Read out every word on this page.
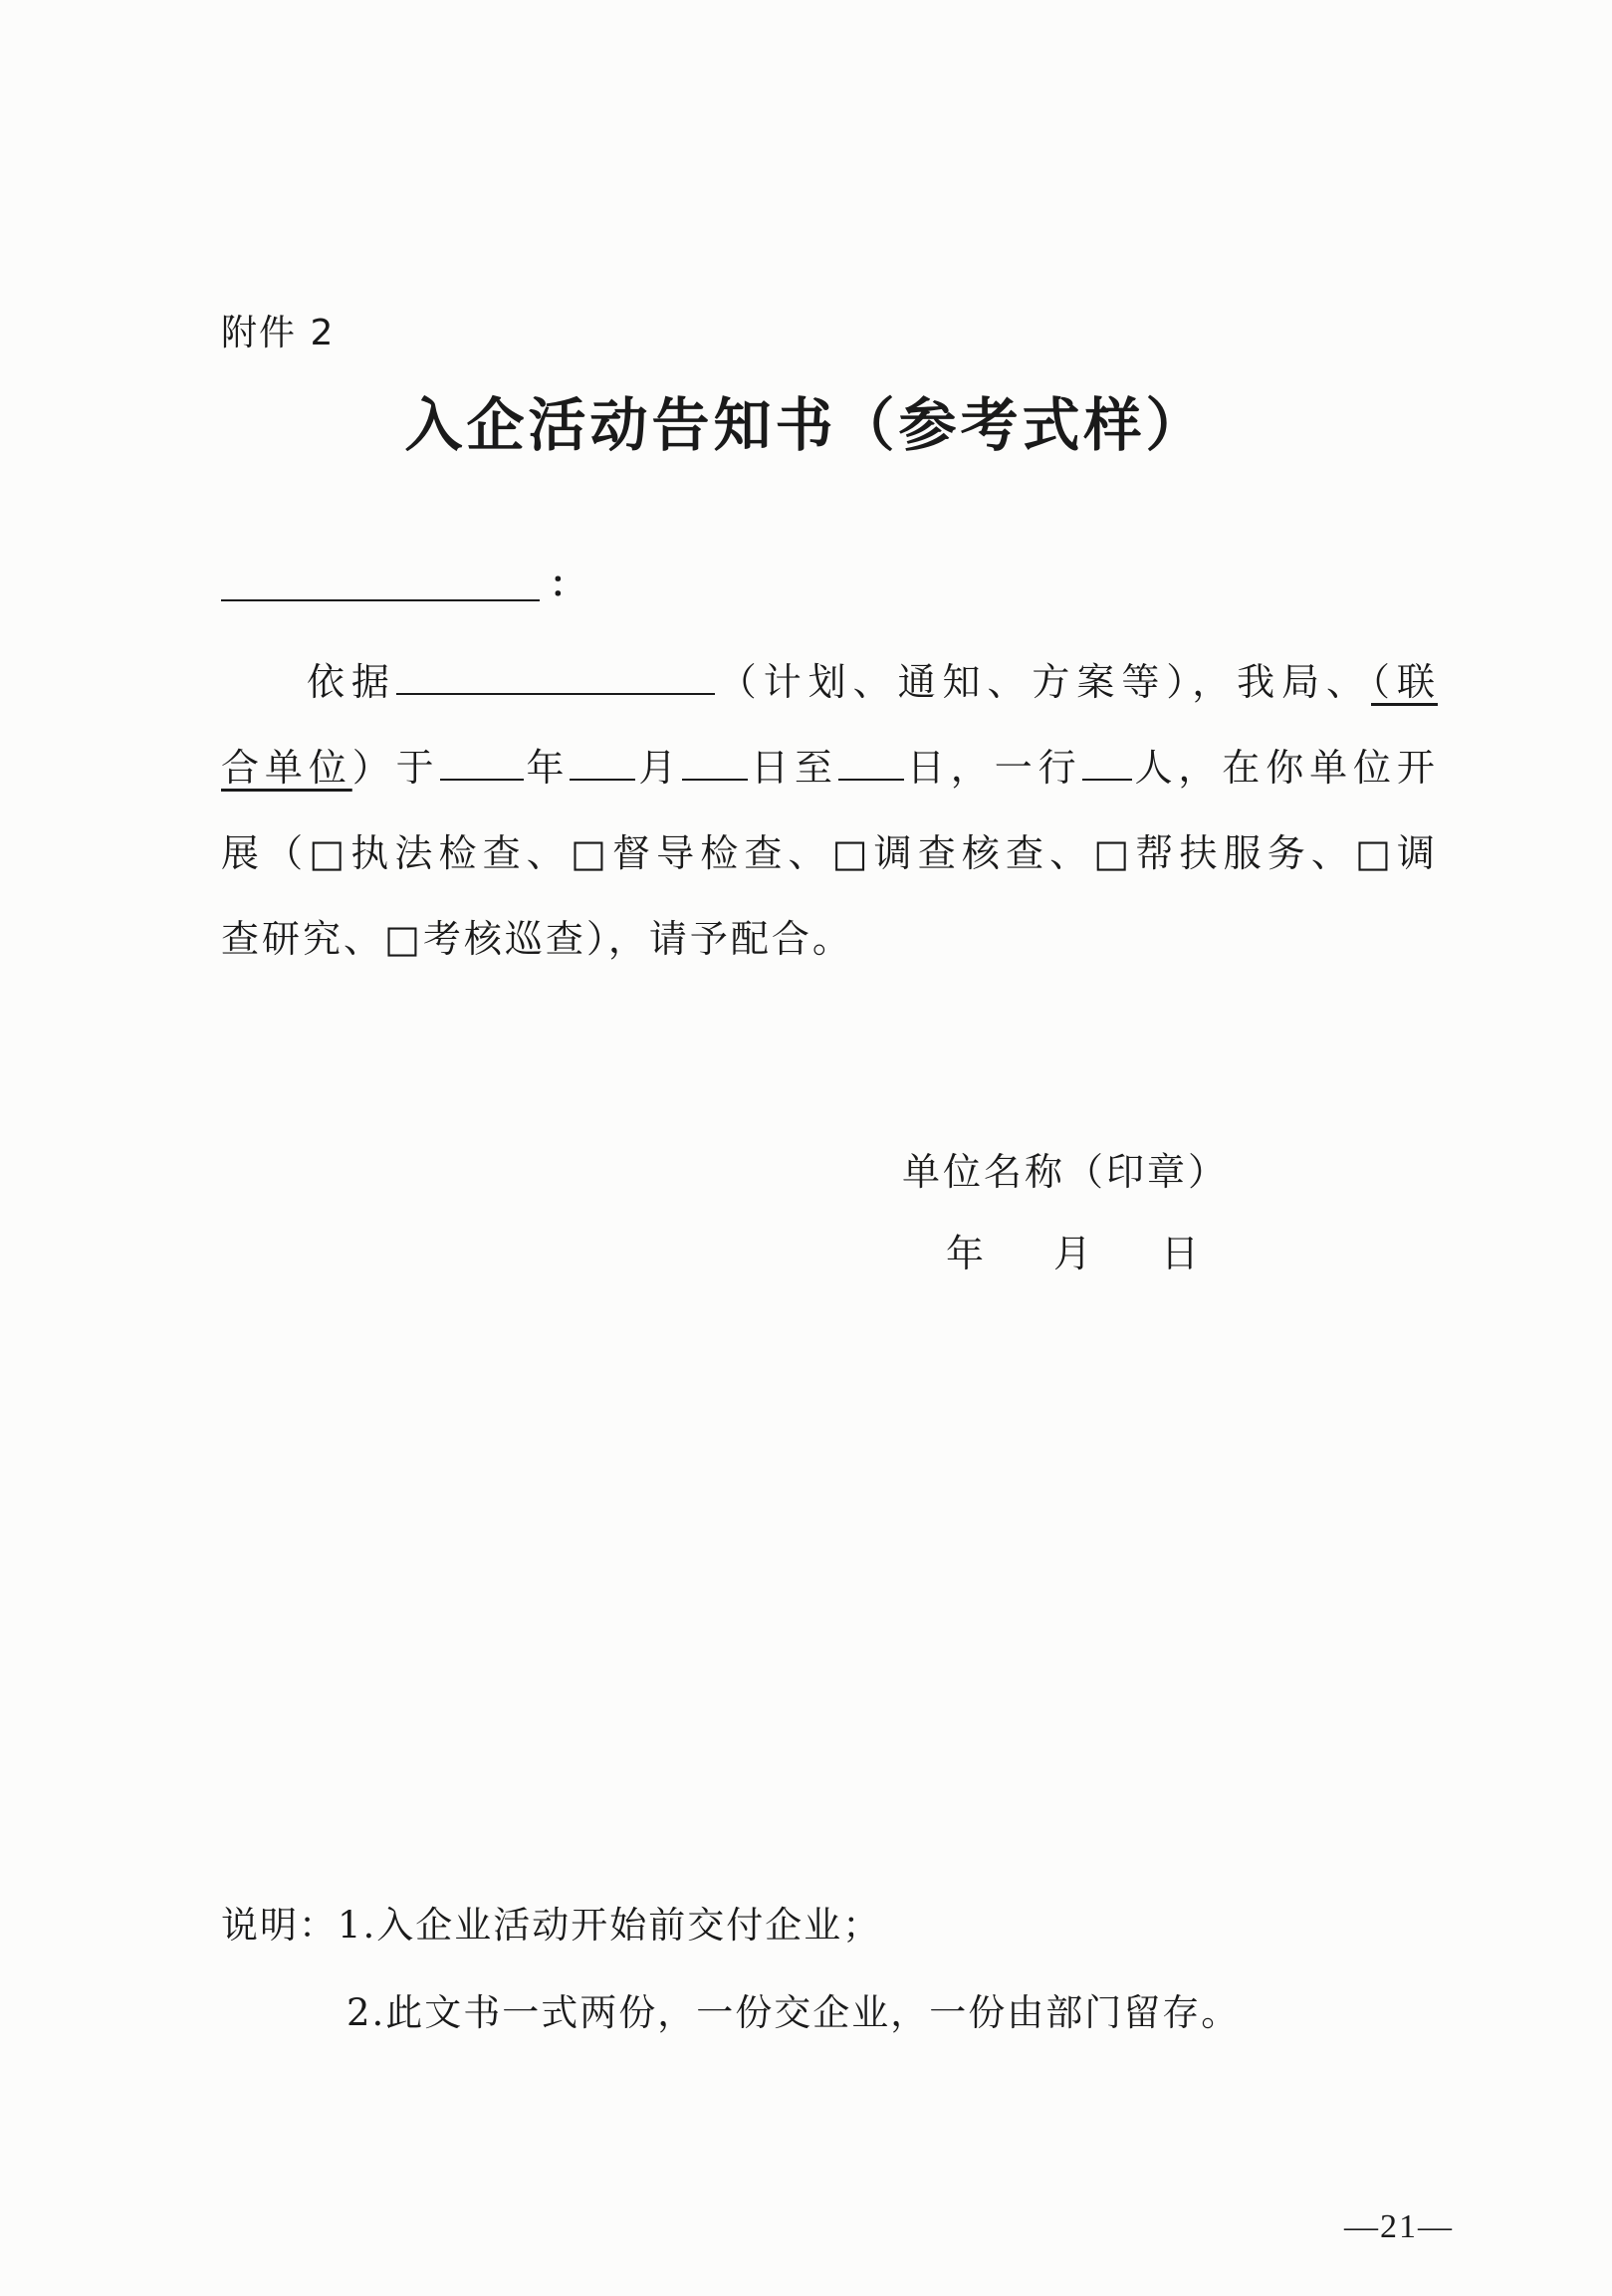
附件 2
入企活动告知书（参考式样）
：
依据	（计划、通知、方案等），我局、（联
合单位）于 年 月 日至 日，一行 人，在你单位开
展（□执法检查、□督导检查、□调查核查、□帮扶服务、□调
查研究、□考核巡查），请予配合。
单位名称（印章）
年 月 日
说明：1.入企业活动开始前交付企业；
2.此文书一式两份，一份交企业，一份由部门留存。
—21—
